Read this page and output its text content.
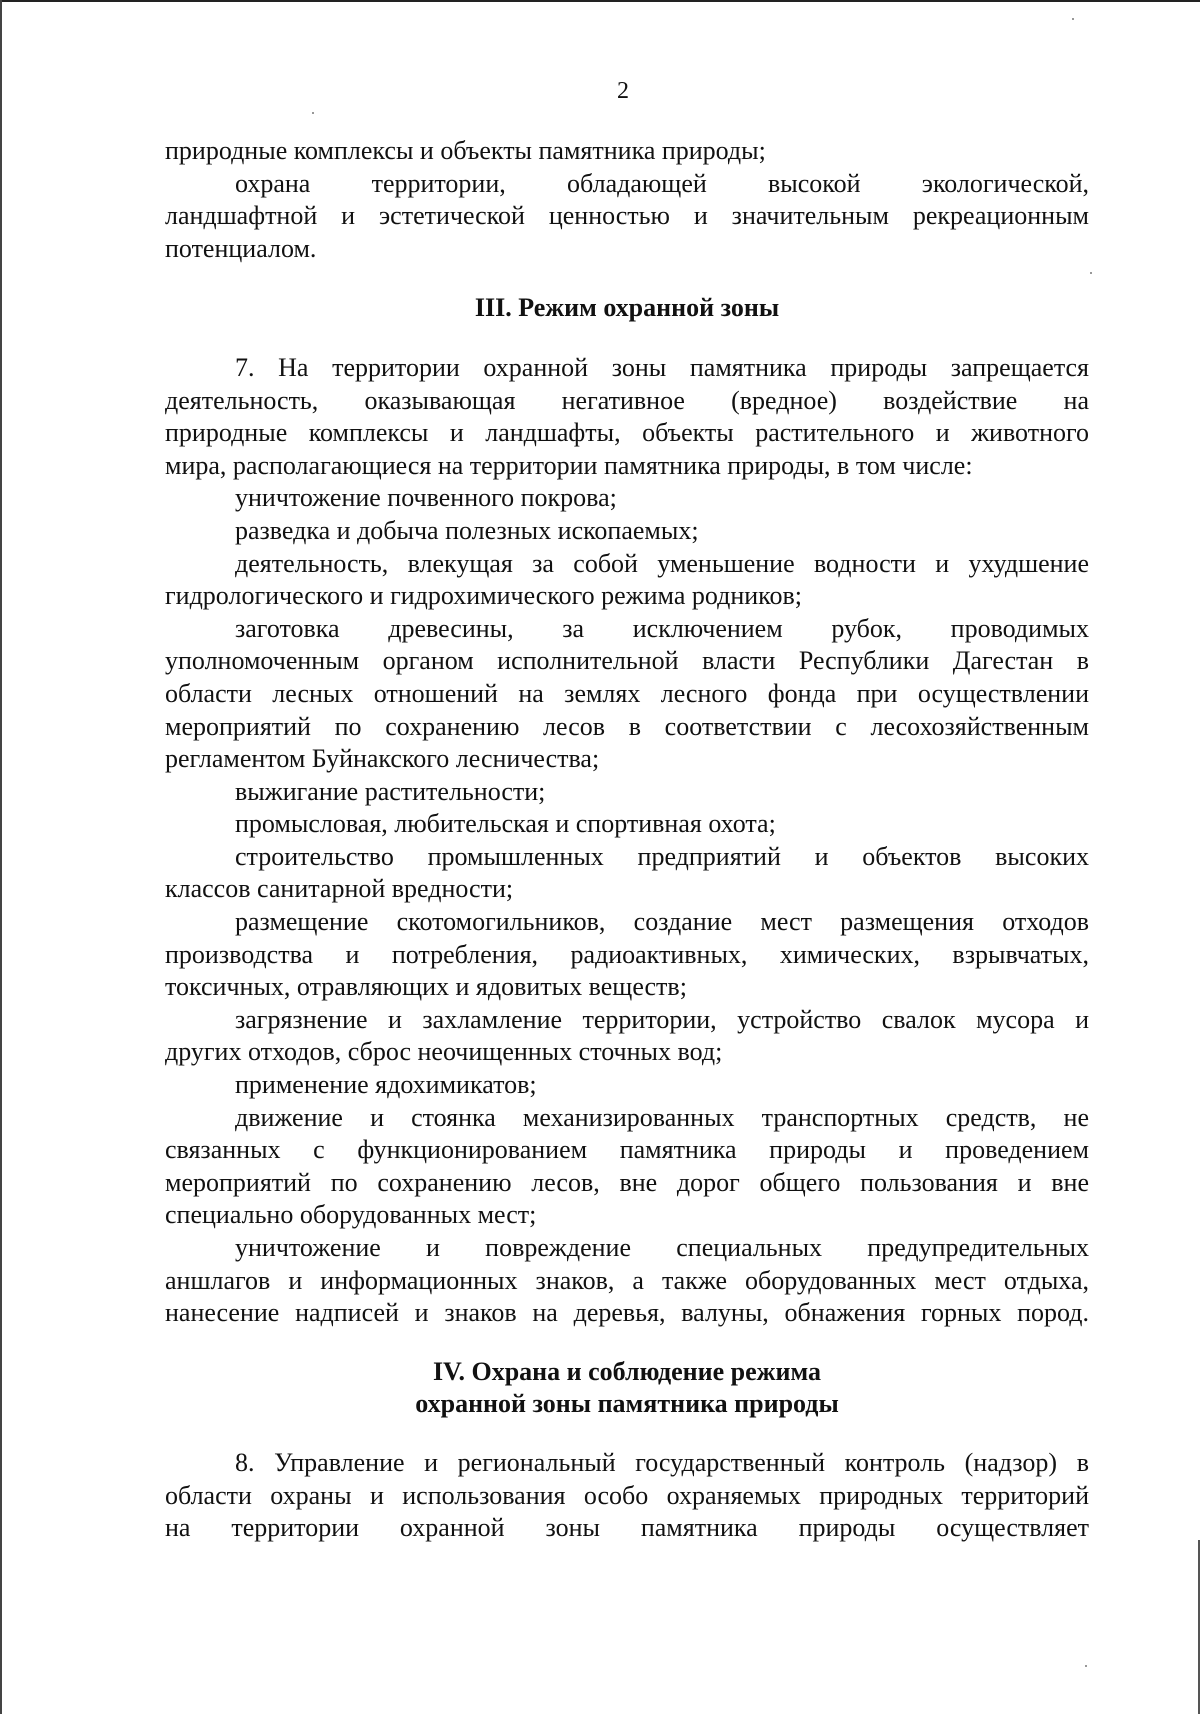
2
природные комплексы и объекты памятника природы;
охрана территории, обладающей высокой экологической,
ландшафтной и эстетической ценностью и значительным рекреационным
потенциалом.
III. Режим охранной зоны
7. На территории охранной зоны памятника природы запрещается
деятельность, оказывающая негативное (вредное) воздействие на
природные комплексы и ландшафты, объекты растительного и животного
мира, располагающиеся на территории памятника природы, в том числе:
уничтожение почвенного покрова;
разведка и добыча полезных ископаемых;
деятельность, влекущая за собой уменьшение водности и ухудшение
гидрологического и гидрохимического режима родников;
заготовка древесины, за исключением рубок, проводимых
уполномоченным органом исполнительной власти Республики Дагестан в
области лесных отношений на землях лесного фонда при осуществлении
мероприятий по сохранению лесов в соответствии с лесохозяйственным
регламентом Буйнакского лесничества;
выжигание растительности;
промысловая, любительская и спортивная охота;
строительство промышленных предприятий и объектов высоких
классов санитарной вредности;
размещение скотомогильников, создание мест размещения отходов
производства и потребления, радиоактивных, химических, взрывчатых,
токсичных, отравляющих и ядовитых веществ;
загрязнение и захламление территории, устройство свалок мусора и
других отходов, сброс неочищенных сточных вод;
применение ядохимикатов;
движение и стоянка механизированных транспортных средств, не
связанных с функционированием памятника природы и проведением
мероприятий по сохранению лесов, вне дорог общего пользования и вне
специально оборудованных мест;
уничтожение и повреждение специальных предупредительных
аншлагов и информационных знаков, а также оборудованных мест отдыха,
нанесение надписей и знаков на деревья, валуны, обнажения горных пород.
IV. Охрана и соблюдение режима
охранной зоны памятника природы
8. Управление и региональный государственный контроль (надзор) в
области охраны и использования особо охраняемых природных территорий
на территории охранной зоны памятника природы осуществляет
